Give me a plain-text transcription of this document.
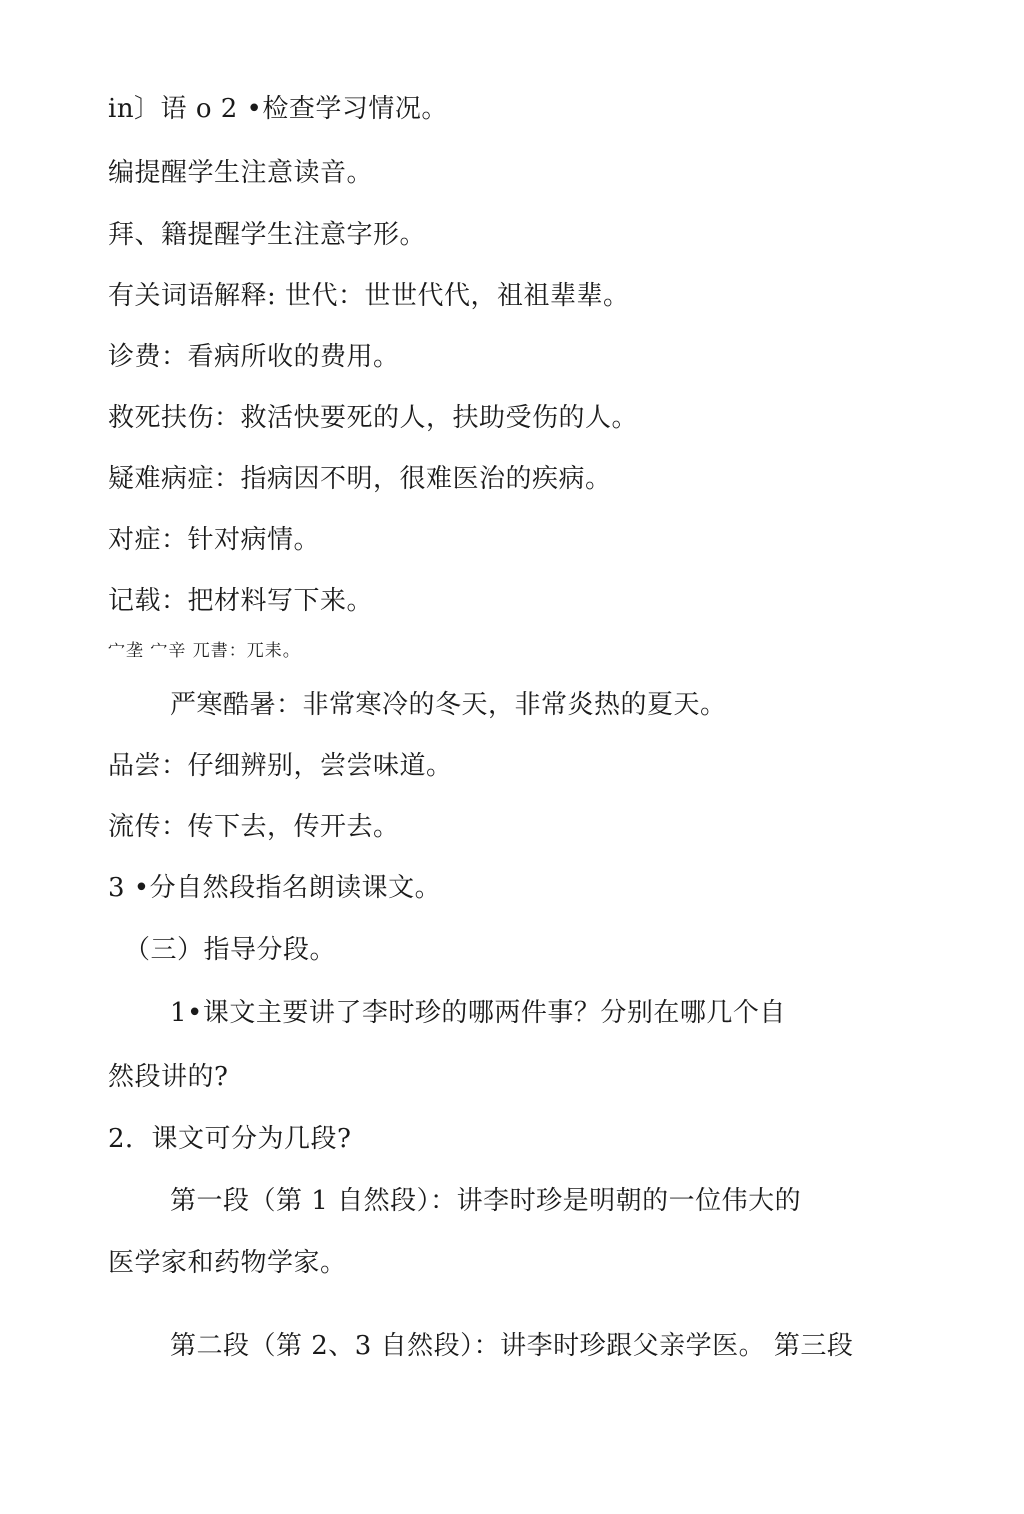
in〕语 o 2 •检查学习情况。
编提醒学生注意读音。
拜、籍提醒学生注意字形。
有关词语解释: 世代：世世代代，祖祖辈辈。
诊费：看病所收的费用。
救死扶伤：救活快要死的人，扶助受伤的人。
疑难病症：指病因不明，很难医治的疾病。
对症：针对病情。
记载：把材料写下来。
宀垄 宀辛 兀書：兀耒。
严寒酷暑：非常寒冷的冬天，非常炎热的夏天。
品尝：仔细辨别，尝尝味道。
流传：传下去，传开去。
3 •分自然段指名朗读课文。
（三）指导分段。
1•课文主要讲了李时珍的哪两件事？分别在哪几个自
然段讲的?
2．课文可分为几段?
第一段（第 1 自然段）：讲李时珍是明朝的一位伟大的
医学家和药物学家。
第二段（第 2、3 自然段）：讲李时珍跟父亲学医。 第三段
